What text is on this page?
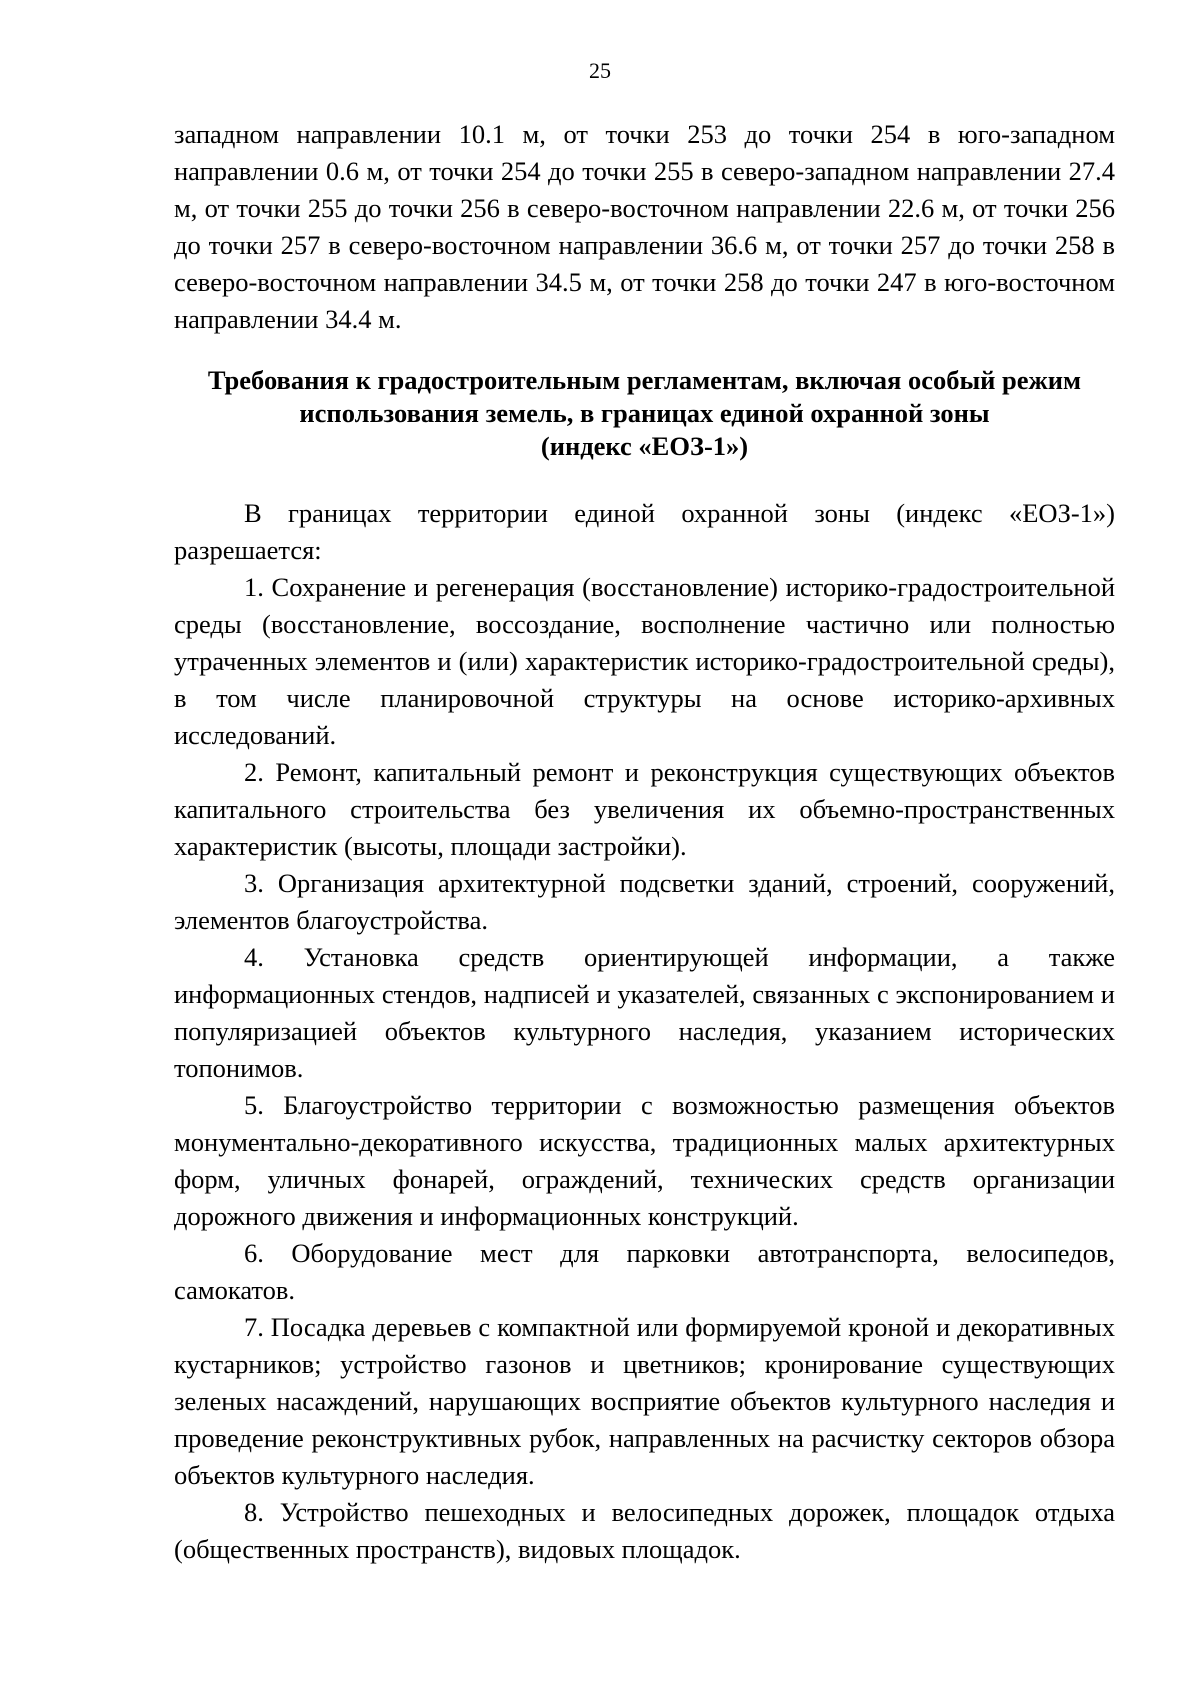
25

западном направлении 10.1 м, от точки 253 до точки 254 в юго-западном направлении 0.6 м, от точки 254 до точки 255 в северо-западном направлении 27.4 м, от точки 255 до точки 256 в северо-восточном направлении 22.6 м, от точки 256 до точки 257 в северо-восточном направлении 36.6 м, от точки 257 до точки 258 в северо-восточном направлении 34.5 м, от точки 258 до точки 247 в юго-восточном направлении 34.4 м.

Требования к градостроительным регламентам, включая особый режим
использования земель, в границах единой охранной зоны
(индекс «ЕОЗ-1»)

В границах территории единой охранной зоны (индекс «ЕОЗ-1») разрешается:

1. Сохранение и регенерация (восстановление) историко-градостроительной среды (восстановление, воссоздание, восполнение частично или полностью утраченных элементов и (или) характеристик историко-градостроительной среды), в том числе планировочной структуры на основе историко-архивных исследований.

2. Ремонт, капитальный ремонт и реконструкция существующих объектов капитального строительства без увеличения их объемно-пространственных характеристик (высоты, площади застройки).

3. Организация архитектурной подсветки зданий, строений, сооружений, элементов благоустройства.

4. Установка средств ориентирующей информации, а также информационных стендов, надписей и указателей, связанных с экспонированием и популяризацией объектов культурного наследия, указанием исторических топонимов.

5. Благоустройство территории с возможностью размещения объектов монументально-декоративного искусства, традиционных малых архитектурных форм, уличных фонарей, ограждений, технических средств организации дорожного движения и информационных конструкций.

6. Оборудование мест для парковки автотранспорта, велосипедов, самокатов.

7. Посадка деревьев с компактной или формируемой кроной и декоративных кустарников; устройство газонов и цветников; кронирование существующих зеленых насаждений, нарушающих восприятие объектов культурного наследия и проведение реконструктивных рубок, направленных на расчистку секторов обзора объектов культурного наследия.

8. Устройство пешеходных и велосипедных дорожек, площадок отдыха (общественных пространств), видовых площадок.
